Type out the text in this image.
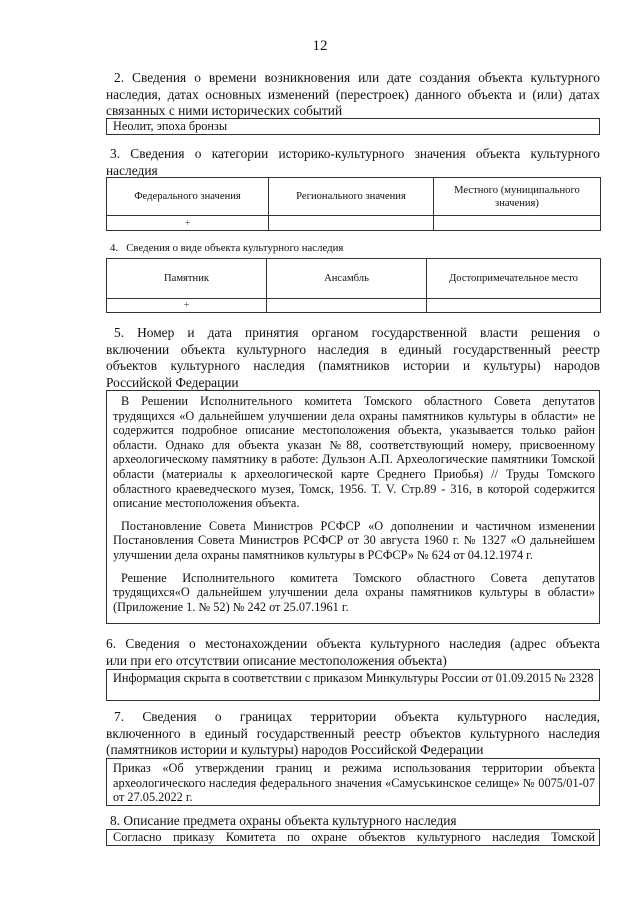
12
2. Сведения о времени возникновения или дате создания объекта культурного
наследия, датах основных изменений (перестроек) данного объекта и (или) датах
связанных с ними исторических событий
Неолит, эпоха бронзы
3. Сведения о категории историко-культурного значения объекта культурного
наследия
Федерального значения	Регионального значения	Местного (муниципального значения)
+		
4.   Сведения о виде объекта культурного наследия
Памятник	Ансамбль	Достопримечательное место
+		
5. Номер и дата принятия органом государственной власти решения о
включении объекта культурного наследия в единый государственный реестр
объектов культурного наследия (памятников истории и культуры) народов
Российской Федерации

В Решении Исполнительного комитета Томского областного Совета депутатов трудящихся «О дальнейшем улучшении дела охраны памятников культуры в области» не содержится подробное описание местоположения объекта, указывается только район области. Однако для объекта указан №88, соответствующий номеру, присвоенному археологическому памятнику в работе: Дульзон А.П. Археологические памятники Томской области (материалы к археологической карте Среднего Приобья) // Труды Томского областного краеведческого музея, Томск, 1956. T. V. Стр.89 - 316, в которой содержится описание местоположения объекта.

Постановление Совета Министров РСФСР «О дополнении и частичном изменении Постановления Совета Министров РСФСР от 30 августа 1960 г. № 1327 «О дальнейшем улучшении дела охраны памятников культуры в РСФСР» № 624 от 04.12.1974 г.

Решение Исполнительного комитета Томского областного Совета депутатов трудящихся«О дальнейшем улучшении дела охраны памятников культуры в области» (Приложение 1. № 52) № 242 от 25.07.1961 г.

6. Сведения о местонахождении объекта культурного наследия (адрес объекта
или при его отсутствии описание местоположения объекта)
Информация скрыта в соответствии с приказом Минкультуры России от 01.09.2015 № 2328
7. Сведения о границах территории объекта культурного наследия,
включенного в единый государственный реестр объектов культурного наследия
(памятников истории и культуры) народов Российской Федерации
Приказ «Об утверждении границ и режима использования территории объекта археологического наследия федерального значения «Самуськинское селище» № 0075/01-07 от 27.05.2022 г.
8. Описание предмета охраны объекта культурного наследия
Согласно приказу Комитета по охране объектов культурного наследия Томской
